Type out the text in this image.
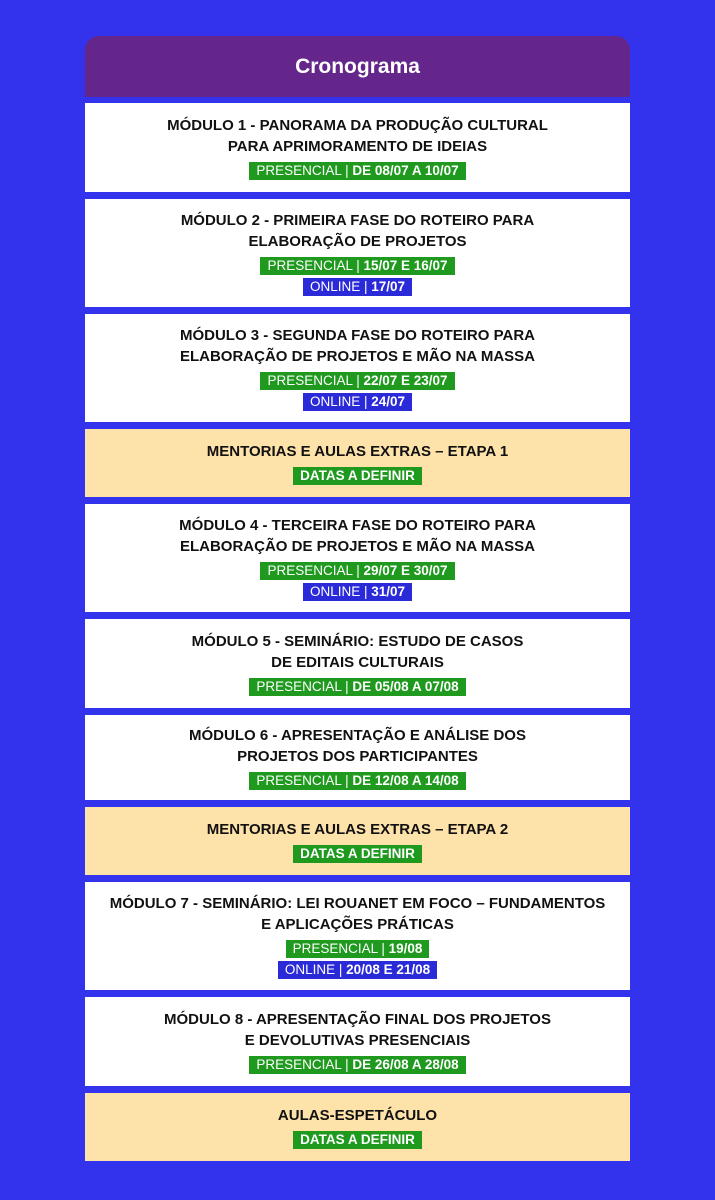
Cronograma
MÓDULO 1 - PANORAMA DA PRODUÇÃO CULTURAL
PARA APRIMORAMENTO DE IDEIAS
PRESENCIAL | DE 08/07 A 10/07
MÓDULO 2 - PRIMEIRA FASE DO ROTEIRO PARA
ELABORAÇÃO DE PROJETOS
PRESENCIAL | 15/07 E 16/07
ONLINE | 17/07
MÓDULO 3 - SEGUNDA FASE DO ROTEIRO PARA
ELABORAÇÃO DE PROJETOS E MÃO NA MASSA
PRESENCIAL | 22/07 E 23/07
ONLINE | 24/07
MENTORIAS E AULAS EXTRAS – ETAPA 1
DATAS A DEFINIR
MÓDULO 4 - TERCEIRA FASE DO ROTEIRO PARA
ELABORAÇÃO DE PROJETOS E MÃO NA MASSA
PRESENCIAL | 29/07 E 30/07
ONLINE | 31/07
MÓDULO 5 - SEMINÁRIO: ESTUDO DE CASOS
DE EDITAIS CULTURAIS
PRESENCIAL | DE 05/08 A 07/08
MÓDULO 6 - APRESENTAÇÃO E ANÁLISE DOS
PROJETOS DOS PARTICIPANTES
PRESENCIAL | DE 12/08 A 14/08
MENTORIAS E AULAS EXTRAS – ETAPA 2
DATAS A DEFINIR
MÓDULO 7 - SEMINÁRIO: LEI ROUANET EM FOCO – FUNDAMENTOS
E APLICAÇÕES PRÁTICAS
PRESENCIAL | 19/08
ONLINE | 20/08 E 21/08
MÓDULO 8 - APRESENTAÇÃO FINAL DOS PROJETOS
E DEVOLUTIVAS PRESENCIAIS
PRESENCIAL | DE 26/08 A 28/08
AULAS-ESPETÁCULO
DATAS A DEFINIR
